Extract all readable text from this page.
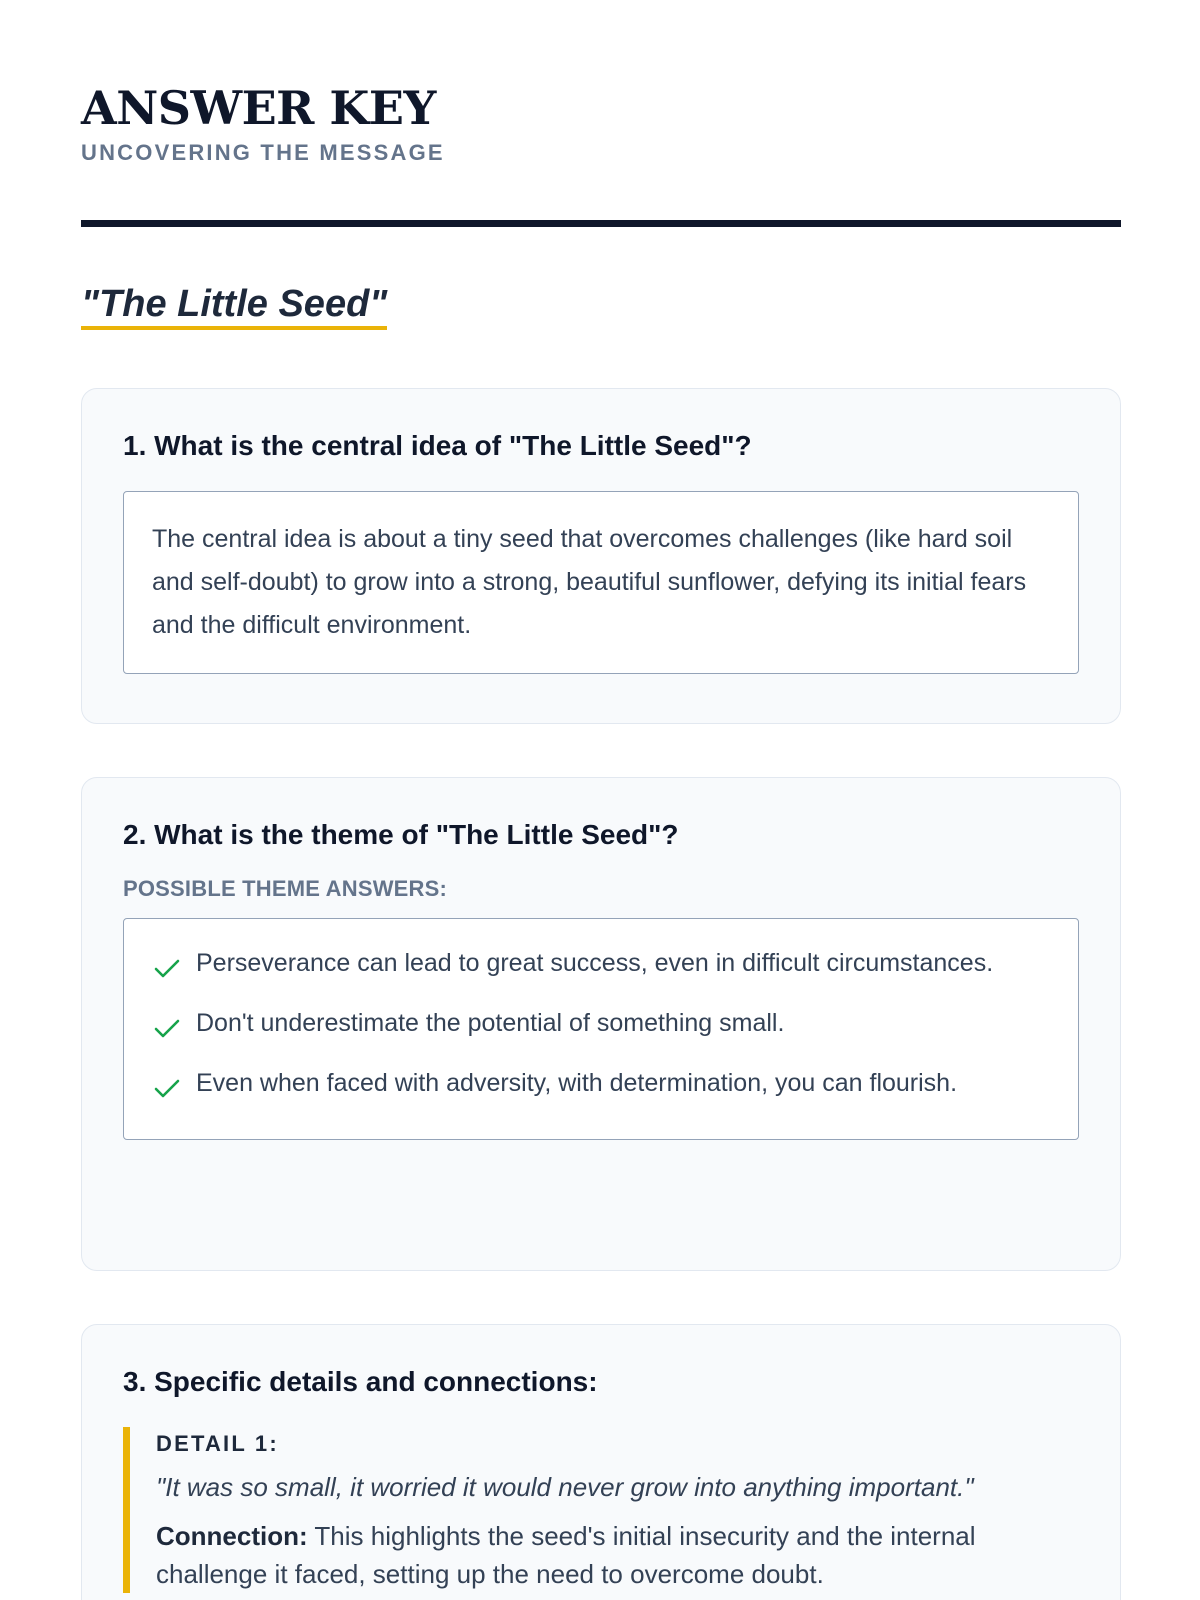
ANSWER KEY
UNCOVERING THE MESSAGE
"The Little Seed"
1. What is the central idea of "The Little Seed"?
The central idea is about a tiny seed that overcomes challenges (like hard soil and self-doubt) to grow into a strong, beautiful sunflower, defying its initial fears and the difficult environment.
2. What is the theme of "The Little Seed"?
POSSIBLE THEME ANSWERS:
Perseverance can lead to great success, even in difficult circumstances.
Don't underestimate the potential of something small.
Even when faced with adversity, with determination, you can flourish.
3. Specific details and connections:
DETAIL 1:
"It was so small, it worried it would never grow into anything important."
Connection: This highlights the seed's initial insecurity and the internal challenge it faced, setting up the need to overcome doubt.
